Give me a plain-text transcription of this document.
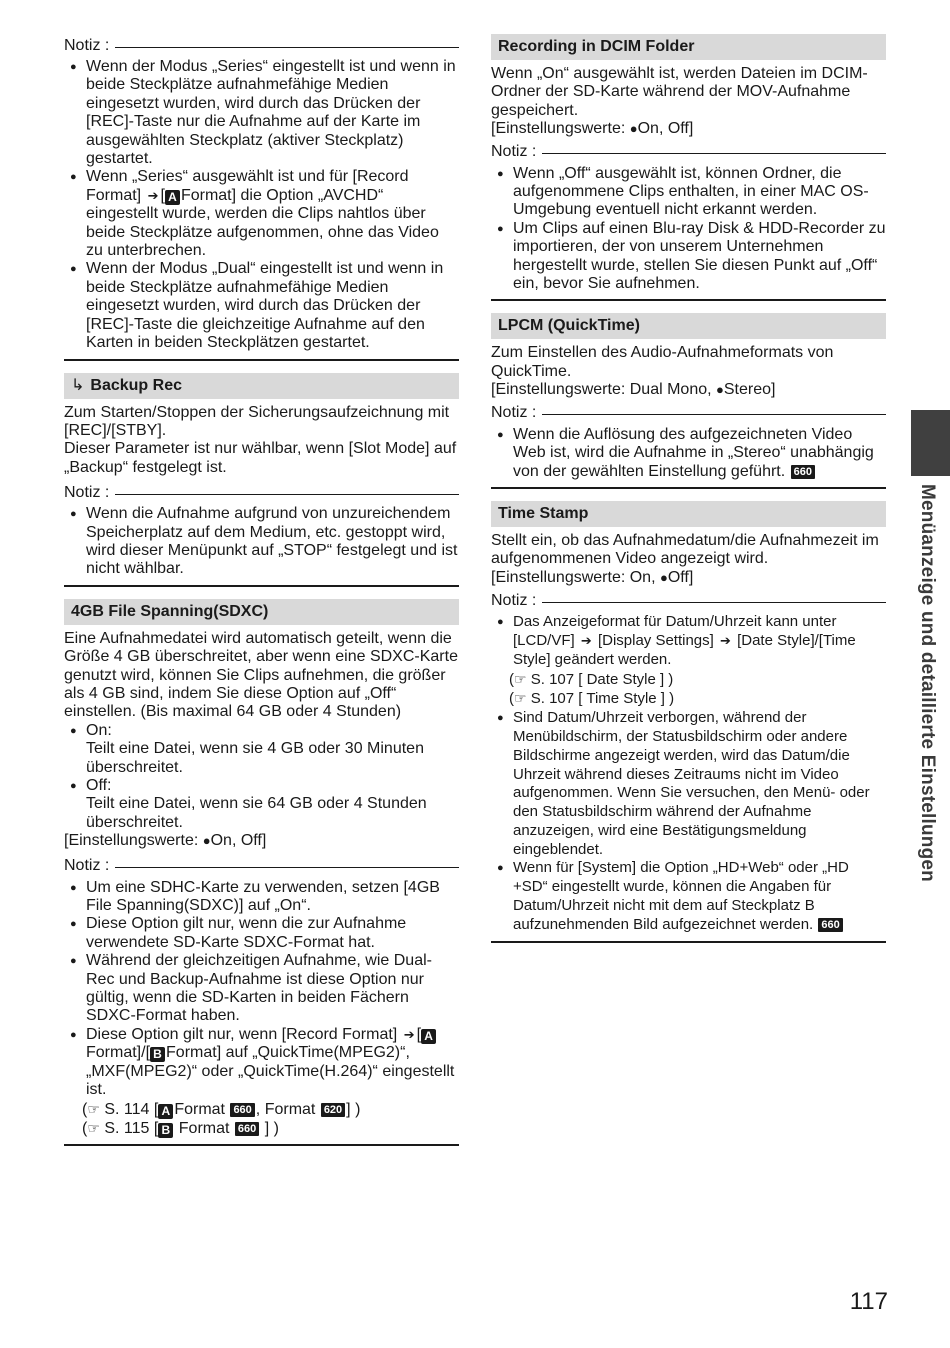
Notiz :
● Wenn der Modus „Series“ eingestellt ist und wenn in beide Steckplätze aufnahmefähige Medien eingesetzt wurden, wird durch das Drücken der [REC]-Taste nur die Aufnahme auf der Karte im ausgewählten Steckplatz (aktiver Steckplatz) gestartet.
● Wenn „Series“ ausgewählt ist und für [Record Format] ➔ [ A Format] die Option „AVCHD“ eingestellt wurde, werden die Clips nahtlos über beide Steckplätze aufgenommen, ohne das Video zu unterbrechen.
● Wenn der Modus „Dual“ eingestellt ist und wenn in beide Steckplätze aufnahmefähige Medien eingesetzt wurden, wird durch das Drücken der [REC]-Taste die gleichzeitige Aufnahme auf den Karten in beiden Steckplätzen gestartet.
↳ Backup Rec

Zum Starten/Stoppen der Sicherungsaufzeichnung mit [REC]/[STBY].

Dieser Parameter ist nur wählbar, wenn [Slot Mode] auf „Backup“ festgelegt ist.

Notiz :
● Wenn die Aufnahme aufgrund von unzureichendem Speicherplatz auf dem Medium, etc. gestoppt wird, wird dieser Menüpunkt auf „STOP“ festgelegt und ist nicht wählbar.
4GB File Spanning(SDXC)

Eine Aufnahmedatei wird automatisch geteilt, wenn die Größe 4 GB überschreitet, aber wenn eine SDXC-Karte genutzt wird, können Sie Clips aufnehmen, die größer als 4 GB sind, indem Sie diese Option auf „Off“ einstellen. (Bis maximal 64 GB oder 4 Stunden)

● On:
Teilt eine Datei, wenn sie 4 GB oder 30 Minuten überschreitet.
● Off:
Teilt eine Datei, wenn sie 64 GB oder 4 Stunden überschreitet.

[Einstellungswerte: ●On, Off]

Notiz :
● Um eine SDHC-Karte zu verwenden, setzen [4GB File Spanning(SDXC)] auf „On“.
● Diese Option gilt nur, wenn die zur Aufnahme verwendete SD-Karte SDXC-Format hat.
● Während der gleichzeitigen Aufnahme, wie Dual-Rec und Backup-Aufnahme ist diese Option nur gültig, wenn die SD-Karten in beiden Fächern SDXC-Format haben.
● Diese Option gilt nur, wenn [Record Format] ➔ [ AFormat]/[ B Format] auf „QuickTime(MPEG2)“, „MXF(MPEG2)“ oder „QuickTime(H.264)“ eingestellt ist.
(☞ S. 114 [ A Format 660 , Format 620 ] )
(☞ S. 115 [ B Format 660 ] )
Recording in DCIM Folder

Wenn „On“ ausgewählt ist, werden Dateien im DCIM-Ordner der SD-Karte während der MOV-Aufnahme gespeichert.

[Einstellungswerte: ●On, Off]

Notiz :
● Wenn „Off“ ausgewählt ist, können Ordner, die aufgenommene Clips enthalten, in einer MAC OS-Umgebung eventuell nicht erkannt werden.
● Um Clips auf einen Blu-ray Disk & HDD-Recorder zu importieren, der von unserem Unternehmen hergestellt wurde, stellen Sie diesen Punkt auf „Off“ ein, bevor Sie aufnehmen.
LPCM (QuickTime)

Zum Einstellen des Audio-Aufnahmeformats von QuickTime.

[Einstellungswerte: Dual Mono, ●Stereo]

Notiz :
● Wenn die Auflösung des aufgezeichneten Video Web ist, wird die Aufnahme in „Stereo“ unabhängig von der gewählten Einstellung geführt. 660
Time Stamp

Stellt ein, ob das Aufnahmedatum/die Aufnahmezeit im aufgenommenen Video angezeigt wird.

[Einstellungswerte: On, ●Off]

Notiz :
● Das Anzeigeformat für Datum/Uhrzeit kann unter [LCD/VF] ➔ [Display Settings] ➔ [Date Style]/[Time Style] geändert werden.
(☞ S. 107 [ Date Style ] )
(☞ S. 107 [ Time Style ] )
● Sind Datum/Uhrzeit verborgen, während der Menübildschirm, der Statusbildschirm oder andere Bildschirme angezeigt werden, wird das Datum/die Uhrzeit während dieses Zeitraums nicht im Video aufgenommen. Wenn Sie versuchen, den Menü- oder den Statusbildschirm während der Aufnahme anzuzeigen, wird eine Bestätigungsmeldung eingeblendet.
● Wenn für [System] die Option „HD+Web“ oder „HD +SD“ eingestellt wurde, können die Angaben für Datum/Uhrzeit nicht mit dem auf Steckplatz B aufzunehmenden Bild aufgezeichnet werden. 660
Menüanzeige und detaillierte Einstellungen
117
